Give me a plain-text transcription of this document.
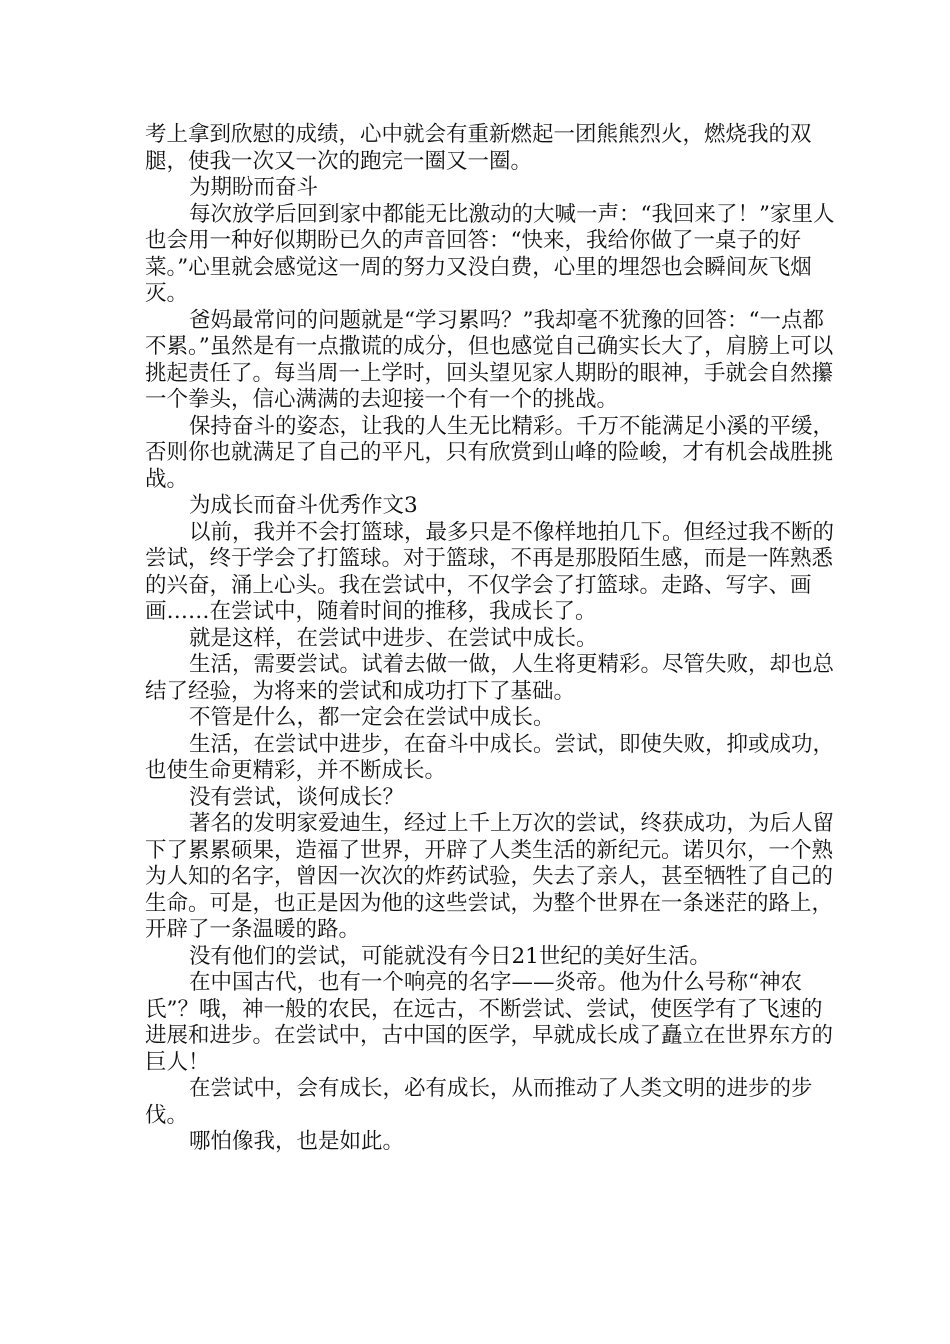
考上拿到欣慰的成绩，心中就会有重新燃起一团熊熊烈火，燃烧我的双腿，使我一次又一次的跑完一圈又一圈。

为期盼而奋斗

每次放学后回到家中都能无比激动的大喊一声：“我回来了！”家里人也会用一种好似期盼已久的声音回答：“快来，我给你做了一桌子的好菜。”心里就会感觉这一周的努力又没白费，心里的埋怨也会瞬间灰飞烟灭。

爸妈最常问的问题就是“学习累吗？”我却毫不犹豫的回答：“一点都不累。”虽然是有一点撒谎的成分，但也感觉自己确实长大了，肩膀上可以挑起责任了。每当周一上学时，回头望见家人期盼的眼神，手就会自然攥一个拳头，信心满满的去迎接一个有一个的挑战。

保持奋斗的姿态，让我的人生无比精彩。千万不能满足小溪的平缓，否则你也就满足了自己的平凡，只有欣赏到山峰的险峻，才有机会战胜挑战。

为成长而奋斗优秀作文3

以前，我并不会打篮球，最多只是不像样地拍几下。但经过我不断的尝试，终于学会了打篮球。对于篮球，不再是那股陌生感，而是一阵熟悉的兴奋，涌上心头。我在尝试中，不仅学会了打篮球。走路、写字、画画……在尝试中，随着时间的推移，我成长了。

就是这样，在尝试中进步、在尝试中成长。

生活，需要尝试。试着去做一做，人生将更精彩。尽管失败，却也总结了经验，为将来的尝试和成功打下了基础。

不管是什么，都一定会在尝试中成长。

生活，在尝试中进步，在奋斗中成长。尝试，即使失败，抑或成功，也使生命更精彩，并不断成长。

没有尝试，谈何成长？

著名的发明家爱迪生，经过上千上万次的尝试，终获成功，为后人留下了累累硕果，造福了世界，开辟了人类生活的新纪元。诺贝尔，一个熟为人知的名字，曾因一次次的炸药试验，失去了亲人，甚至牺牲了自己的生命。可是，也正是因为他的这些尝试，为整个世界在一条迷茫的路上，开辟了一条温暖的路。

没有他们的尝试，可能就没有今日21世纪的美好生活。

在中国古代，也有一个响亮的名字——炎帝。他为什么号称“神农氏”？哦，神一般的农民，在远古，不断尝试、尝试，使医学有了飞速的进展和进步。在尝试中，古中国的医学，早就成长成了矗立在世界东方的巨人！

在尝试中，会有成长，必有成长，从而推动了人类文明的进步的步伐。

哪怕像我，也是如此。
